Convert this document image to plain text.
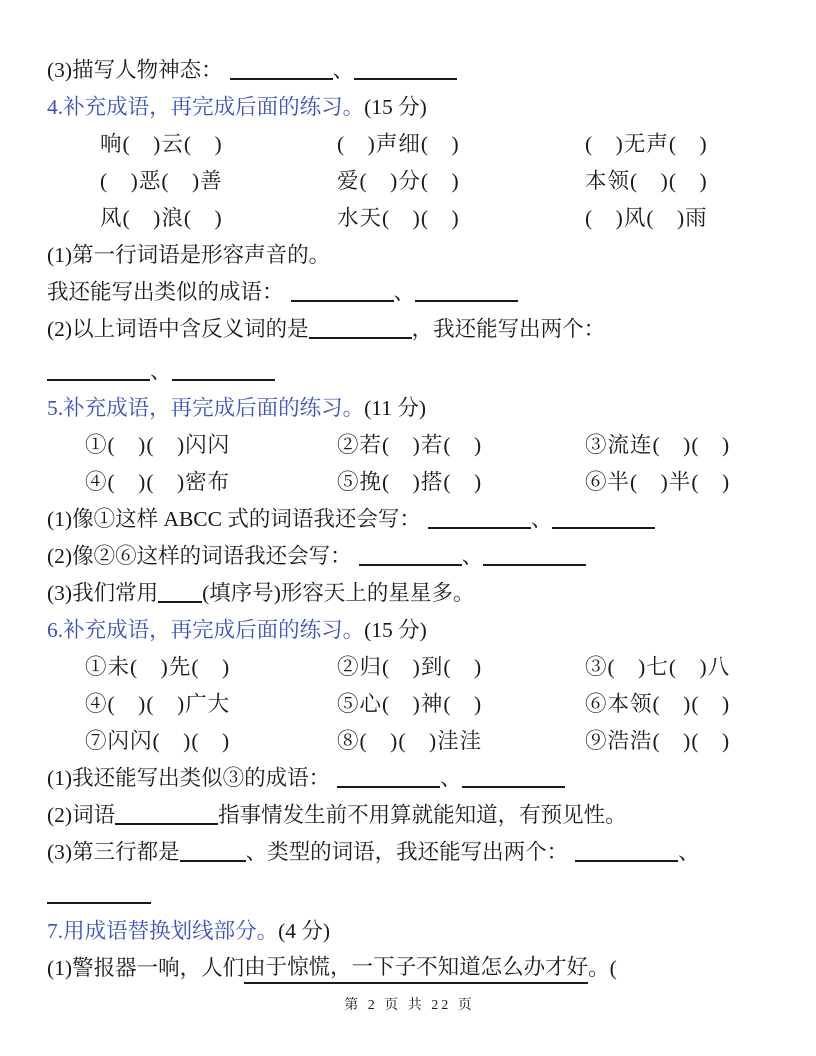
(3)描写人物神态：	、
4.补充成语，再完成后面的练习。 (15 分)
响(　)云(　)	(　)声细(　)	(　)无声(　)
(　)恶(　)善	爱(　)分(　)	本领(　)(　)
风(　)浪(　)	水天(　)(　)	(　)风(　)雨
(1)第一行词语是形容声音的。
我还能写出类似的成语：	、
(2)以上词语中含反义词的是	，我还能写出两个：
、
5.补充成语，再完成后面的练习。 (11 分)
①(　)(　)闪闪	②若(　)若(　)	③流连(　)(　)
④(　)(　)密布	⑤挽(　)搭(　)	⑥半(　)半(　)
(1)像①这样 ABCC 式的词语我还会写：	、
(2)像②⑥这样的词语我还会写：	、
(3)我们常用 (填序号)形容天上的星星多。
6.补充成语，再完成后面的练习。 (15 分)
①未(　)先(　)	②归(　)到(　)	③(　)七(　)八
④(　)(　)广大	⑤心(　)神(　)	⑥本领(　)(　)
⑦闪闪(　)(　)	⑧(　)(　)洼洼	⑨浩浩(　)(　)
(1)我还能写出类似③的成语：	、
(2)词语	指事情发生前不用算就能知道，有预见性。
(3)第三行都是	、类型的词语，我还能写出两个：	、
7.用成语替换划线部分。 (4 分)
(1)警报器一响，人们 由于惊慌，一下子不知道怎么办才好 。(
第 2 页 共 22 页
